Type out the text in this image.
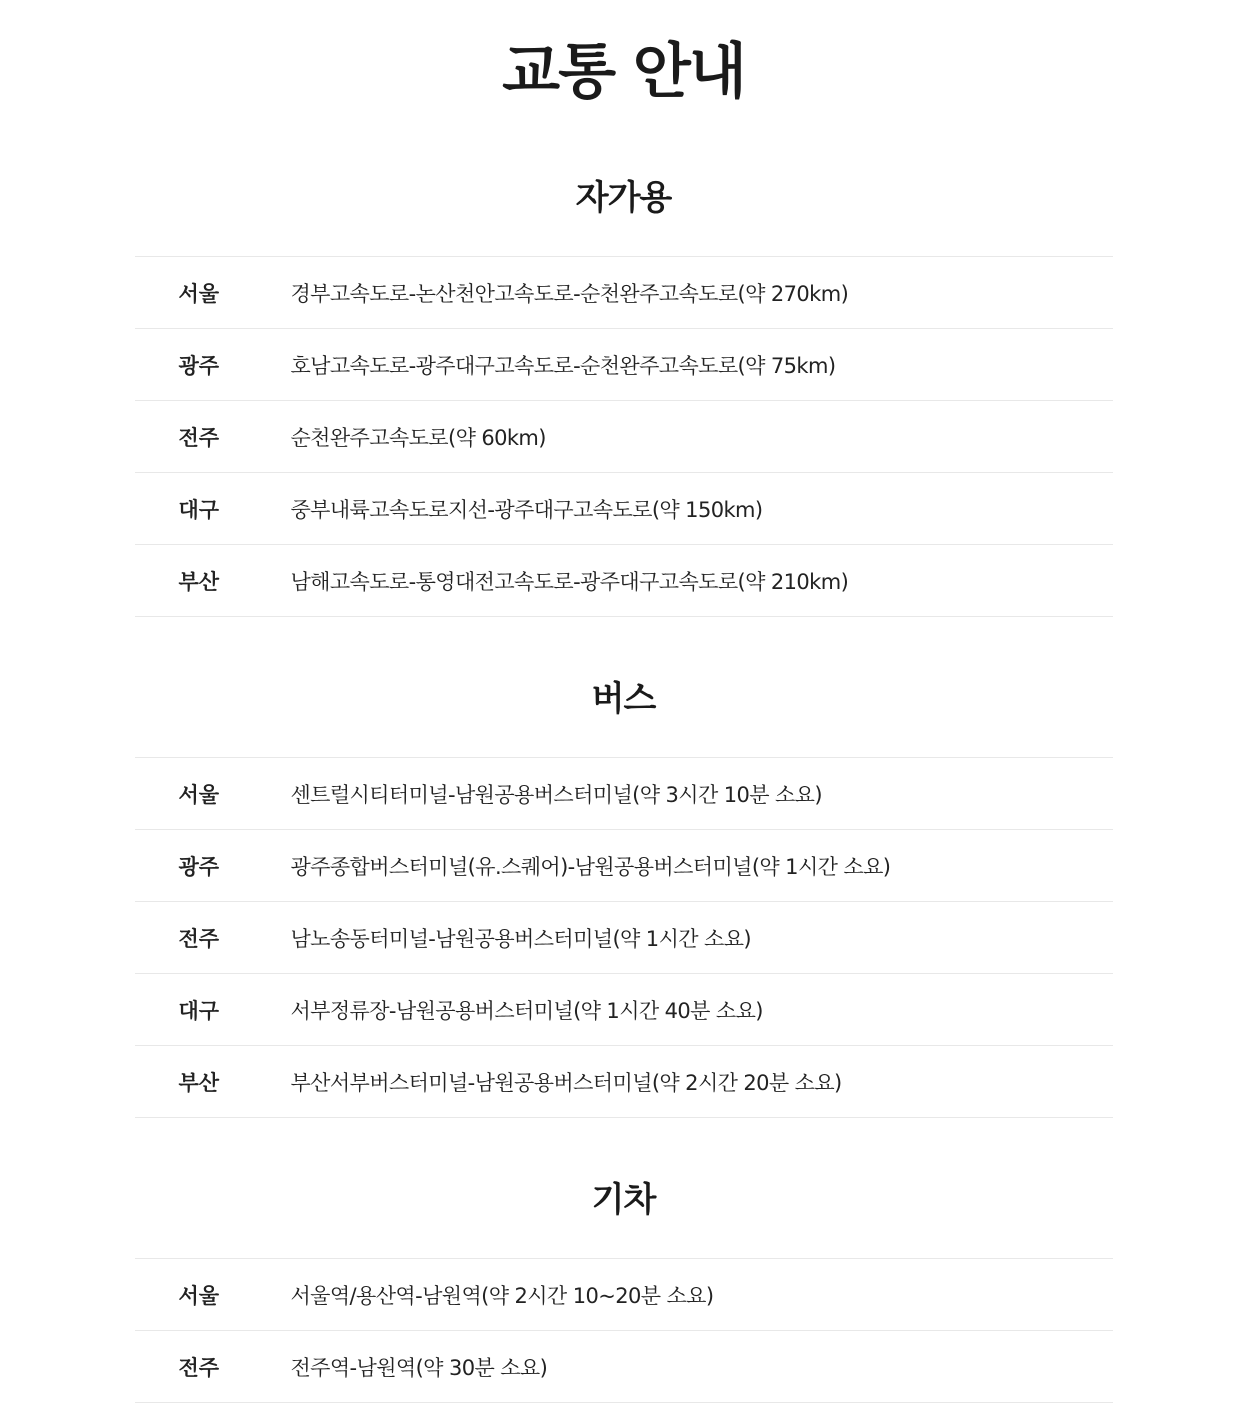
교통 안내
자가용
서울	경부고속도로-논산천안고속도로-순천완주고속도로(약 270km)
광주	호남고속도로-광주대구고속도로-순천완주고속도로(약 75km)
전주	순천완주고속도로(약 60km)
대구	중부내륙고속도로지선-광주대구고속도로(약 150km)
부산	남해고속도로-통영대전고속도로-광주대구고속도로(약 210km)
버스
서울	센트럴시티터미널-남원공용버스터미널(약 3시간 10분 소요)
광주	광주종합버스터미널(유.스퀘어)-남원공용버스터미널(약 1시간 소요)
전주	남노송동터미널-남원공용버스터미널(약 1시간 소요)
대구	서부정류장-남원공용버스터미널(약 1시간 40분 소요)
부산	부산서부버스터미널-남원공용버스터미널(약 2시간 20분 소요)
기차
서울	서울역/용산역-남원역(약 2시간 10~20분 소요)
전주	전주역-남원역(약 30분 소요)
